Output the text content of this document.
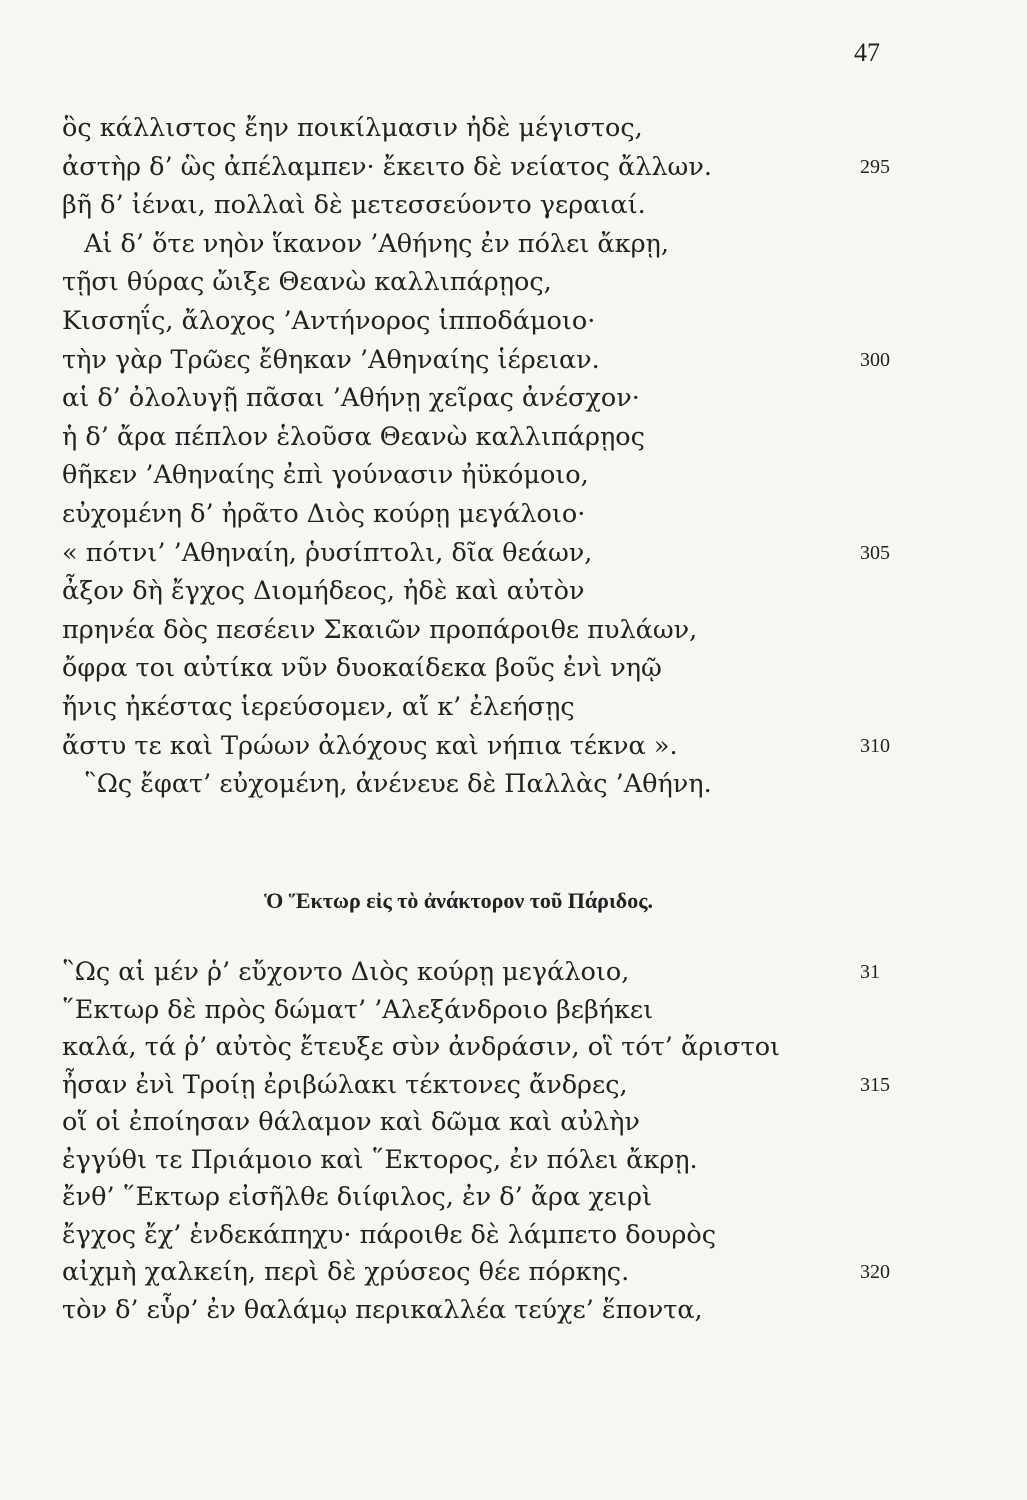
47
ὃς κάλλιστος ἔην ποικίλμασιν ἠδὲ μέγιστος,
ἀστὴρ δ’ ὣς ἀπέλαμπεν· ἔκειτο δὲ νείατος ἄλλων.	295
βῆ δ’ ἰέναι, πολλαὶ δὲ μετεσσεύοντο γεραιαί.
Αἱ δ’ ὅτε νηὸν ἵκανον ’Αθήνης ἐν πόλει ἄκρῃ,
τῇσι θύρας ὤιξε Θεανὼ καλλιπάρῃος,
Κισσηΐς, ἄλοχος ’Αντήνορος ἱπποδάμοιο·
τὴν γὰρ Τρῶες ἔθηκαν ’Αθηναίης ἱέρειαν.	300
αἱ δ’ ὀλολυγῇ πᾶσαι ’Αθήνῃ χεῖρας ἀνέσχον·
ἡ δ’ ἄρα πέπλον ἑλοῦσα Θεανὼ καλλιπάρῃος
θῆκεν ’Αθηναίης ἐπὶ γούνασιν ἠϋκόμοιο,
εὐχομένη δ’ ἠρᾶτο Διὸς κούρῃ μεγάλοιο·
« πότνι’ ’Αθηναίη, ῥυσίπτολι, δῖα θεάων,	305
ἆξον δὴ ἔγχος Διομήδεος, ἠδὲ καὶ αὐτὸν
πρηνέα δὸς πεσέειν Σκαιῶν προπάροιθε πυλάων,
ὄφρα τοι αὐτίκα νῦν δυοκαίδεκα βοῦς ἐνὶ νηῷ
ἤνις ἠκέστας ἱερεύσομεν, αἴ κ’ ἐλεήσῃς
ἄστυ τε καὶ Τρώων ἀλόχους καὶ νήπια τέκνα ».	310
῝Ως ἔφατ’ εὐχομένη, ἀνένευε δὲ Παλλὰς ’Αθήνη.
Ὁ Ἕκτωρ εἰς τὸ ἀνάκτορον τοῦ Πάριδος.
῝Ως αἱ μέν ῥ’ εὔχοντο Διὸς κούρῃ μεγάλοιο,	31
῞Εκτωρ δὲ πρὸς δώματ’ ’Αλεξάνδροιο βεβήκει
καλά, τά ῥ’ αὐτὸς ἔτευξε σὺν ἀνδράσιν, οἳ τότ’ ἄριστοι
ἦσαν ἐνὶ Τροίῃ ἐριβώλακι τέκτονες ἄνδρες,	315
οἵ οἱ ἐποίησαν θάλαμον καὶ δῶμα καὶ αὐλὴν
ἐγγύθι τε Πριάμοιο καὶ ῞Εκτορος, ἐν πόλει ἄκρῃ.
ἔνθ’ ῞Εκτωρ εἰσῆλθε διίφιλος, ἐν δ’ ἄρα χειρὶ
ἔγχος ἔχ’ ἑνδεκάπηχυ· πάροιθε δὲ λάμπετο δουρὸς
αἰχμὴ χαλκείη, περὶ δὲ χρύσεος θέε πόρκης.	320
τὸν δ’ εὗρ’ ἐν θαλάμῳ περικαλλέα τεύχε’ ἕποντα,
